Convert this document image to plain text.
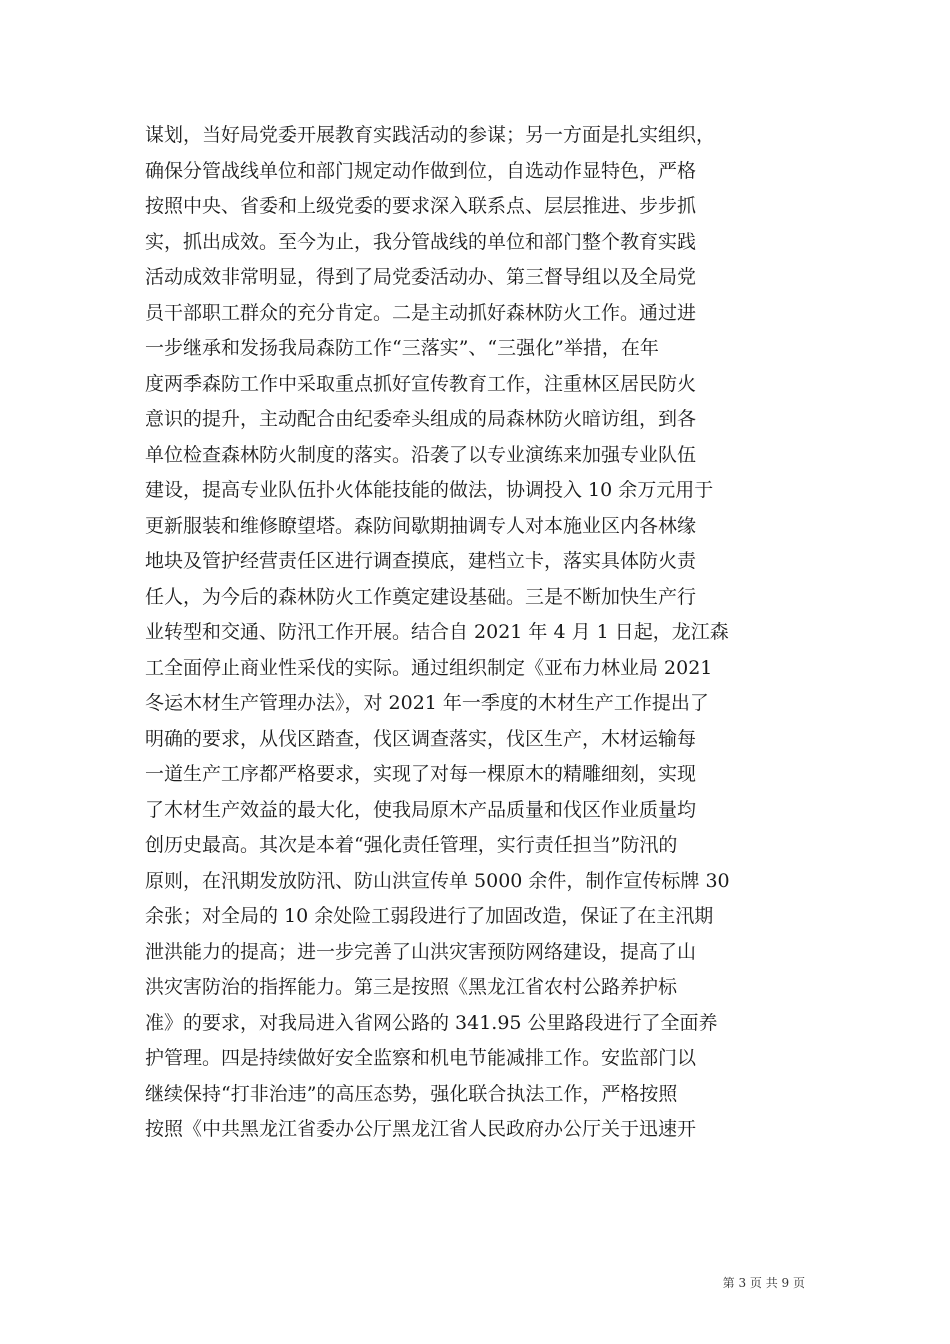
谋划，当好局党委开展教育实践活动的参谋；另一方面是扎实组织，
确保分管战线单位和部门规定动作做到位，自选动作显特色，严格
按照中央、省委和上级党委的要求深入联系点、层层推进、步步抓
实，抓出成效。至今为止，我分管战线的单位和部门整个教育实践
活动成效非常明显，得到了局党委活动办、第三督导组以及全局党
员干部职工群众的充分肯定。二是主动抓好森林防火工作。通过进
一步继承和发扬我局森防工作“三落实”、“三强化”举措，在年
度两季森防工作中采取重点抓好宣传教育工作，注重林区居民防火
意识的提升，主动配合由纪委牵头组成的局森林防火暗访组，到各
单位检查森林防火制度的落实。沿袭了以专业演练来加强专业队伍
建设，提高专业队伍扑火体能技能的做法，协调投入 10 余万元用于
更新服装和维修瞭望塔。森防间歇期抽调专人对本施业区内各林缘
地块及管护经营责任区进行调查摸底，建档立卡，落实具体防火责
任人，为今后的森林防火工作奠定建设基础。三是不断加快生产行
业转型和交通、防汛工作开展。结合自 2021 年 4 月 1 日起，龙江森
工全面停止商业性采伐的实际。通过组织制定《亚布力林业局 2021
冬运木材生产管理办法》，对 2021 年一季度的木材生产工作提出了
明确的要求，从伐区踏查，伐区调查落实，伐区生产，木材运输每
一道生产工序都严格要求，实现了对每一棵原木的精雕细刻，实现
了木材生产效益的最大化，使我局原木产品质量和伐区作业质量均
创历史最高。其次是本着“强化责任管理，实行责任担当”防汛的
原则，在汛期发放防汛、防山洪宣传单 5000 余件，制作宣传标牌 30
余张；对全局的 10 余处险工弱段进行了加固改造，保证了在主汛期
泄洪能力的提高；进一步完善了山洪灾害预防网络建设，提高了山
洪灾害防治的指挥能力。第三是按照《黑龙江省农村公路养护标
准》的要求，对我局进入省网公路的 341.95 公里路段进行了全面养
护管理。四是持续做好安全监察和机电节能减排工作。安监部门以
继续保持“打非治违”的高压态势，强化联合执法工作，严格按照
按照《中共黑龙江省委办公厅黑龙江省人民政府办公厅关于迅速开
第 3 页 共 9 页
